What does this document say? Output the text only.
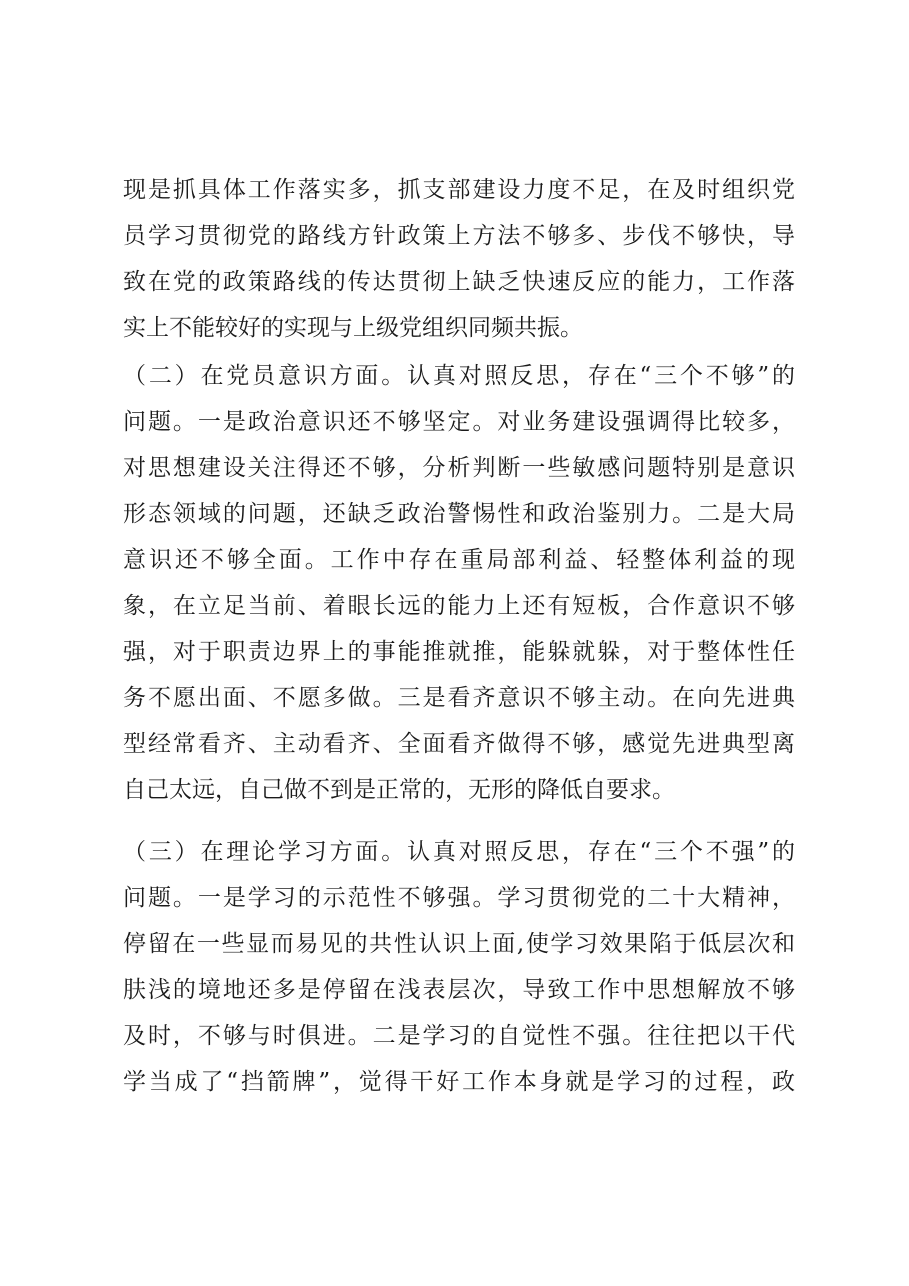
现是抓具体工作落实多，抓支部建设力度不足，在及时组织党
员学习贯彻党的路线方针政策上方法不够多、步伐不够快，导
致在党的政策路线的传达贯彻上缺乏快速反应的能力，工作落
实上不能较好的实现与上级党组织同频共振。
（二）在党员意识方面。认真对照反思，存在“三个不够”的
问题。一是政治意识还不够坚定。对业务建设强调得比较多，
对思想建设关注得还不够，分析判断一些敏感问题特别是意识
形态领域的问题，还缺乏政治警惕性和政治鉴别力。二是大局
意识还不够全面。工作中存在重局部利益、轻整体利益的现
象，在立足当前、着眼长远的能力上还有短板，合作意识不够
强，对于职责边界上的事能推就推，能躲就躲，对于整体性任
务不愿出面、不愿多做。三是看齐意识不够主动。在向先进典
型经常看齐、主动看齐、全面看齐做得不够，感觉先进典型离
自己太远，自己做不到是正常的，无形的降低自要求。
（三）在理论学习方面。认真对照反思，存在“三个不强”的
问题。一是学习的示范性不够强。学习贯彻党的二十大精神，
停留在一些显而易见的共性认识上面,使学习效果陷于低层次和
肤浅的境地还多是停留在浅表层次，导致工作中思想解放不够
及时，不够与时俱进。二是学习的自觉性不强。往往把以干代
学当成了“挡箭牌”，觉得干好工作本身就是学习的过程，政
